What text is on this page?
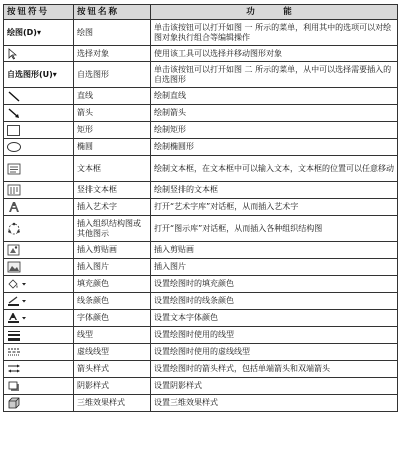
按钮符号	按钮名称	功　能
绘图(D)▾	绘图	单击该按钮可以打开如图 一 所示的菜单，利用其中的选项可以对绘图对象执行组合等编辑操作
	选择对象	使用该工具可以选择并移动图形对象
自选图形(U)▾	自选图形	单击该按钮可以打开如图 二 所示的菜单，从中可以选择需要插入的自选图形
	直线	绘制直线
	箭头	绘制箭头
	矩形	绘制矩形
	椭圆	绘制椭圆形
	文本框	绘制文本框，在文本框中可以输入文本，文本框的位置可以任意移动
	竖排文本框	绘制竖排的文本框
	插入艺术字	打开“艺术字库”对话框，从而插入艺术字
	插入组织结构图或其他图示	打开“图示库”对话框，从而插入各种组织结构图
	插入剪贴画	插入剪贴画
	插入图片	插入图片
	填充颜色	设置绘图时的填充颜色
	线条颜色	设置绘图时的线条颜色
	字体颜色	设置文本字体颜色
	线型	设置绘图时使用的线型
	虚线线型	设置绘图时使用的虚线线型
	箭头样式	设置绘图时的箭头样式，包括单端箭头和双端箭头
	阴影样式	设置阴影样式
	三维效果样式	设置三维效果样式
